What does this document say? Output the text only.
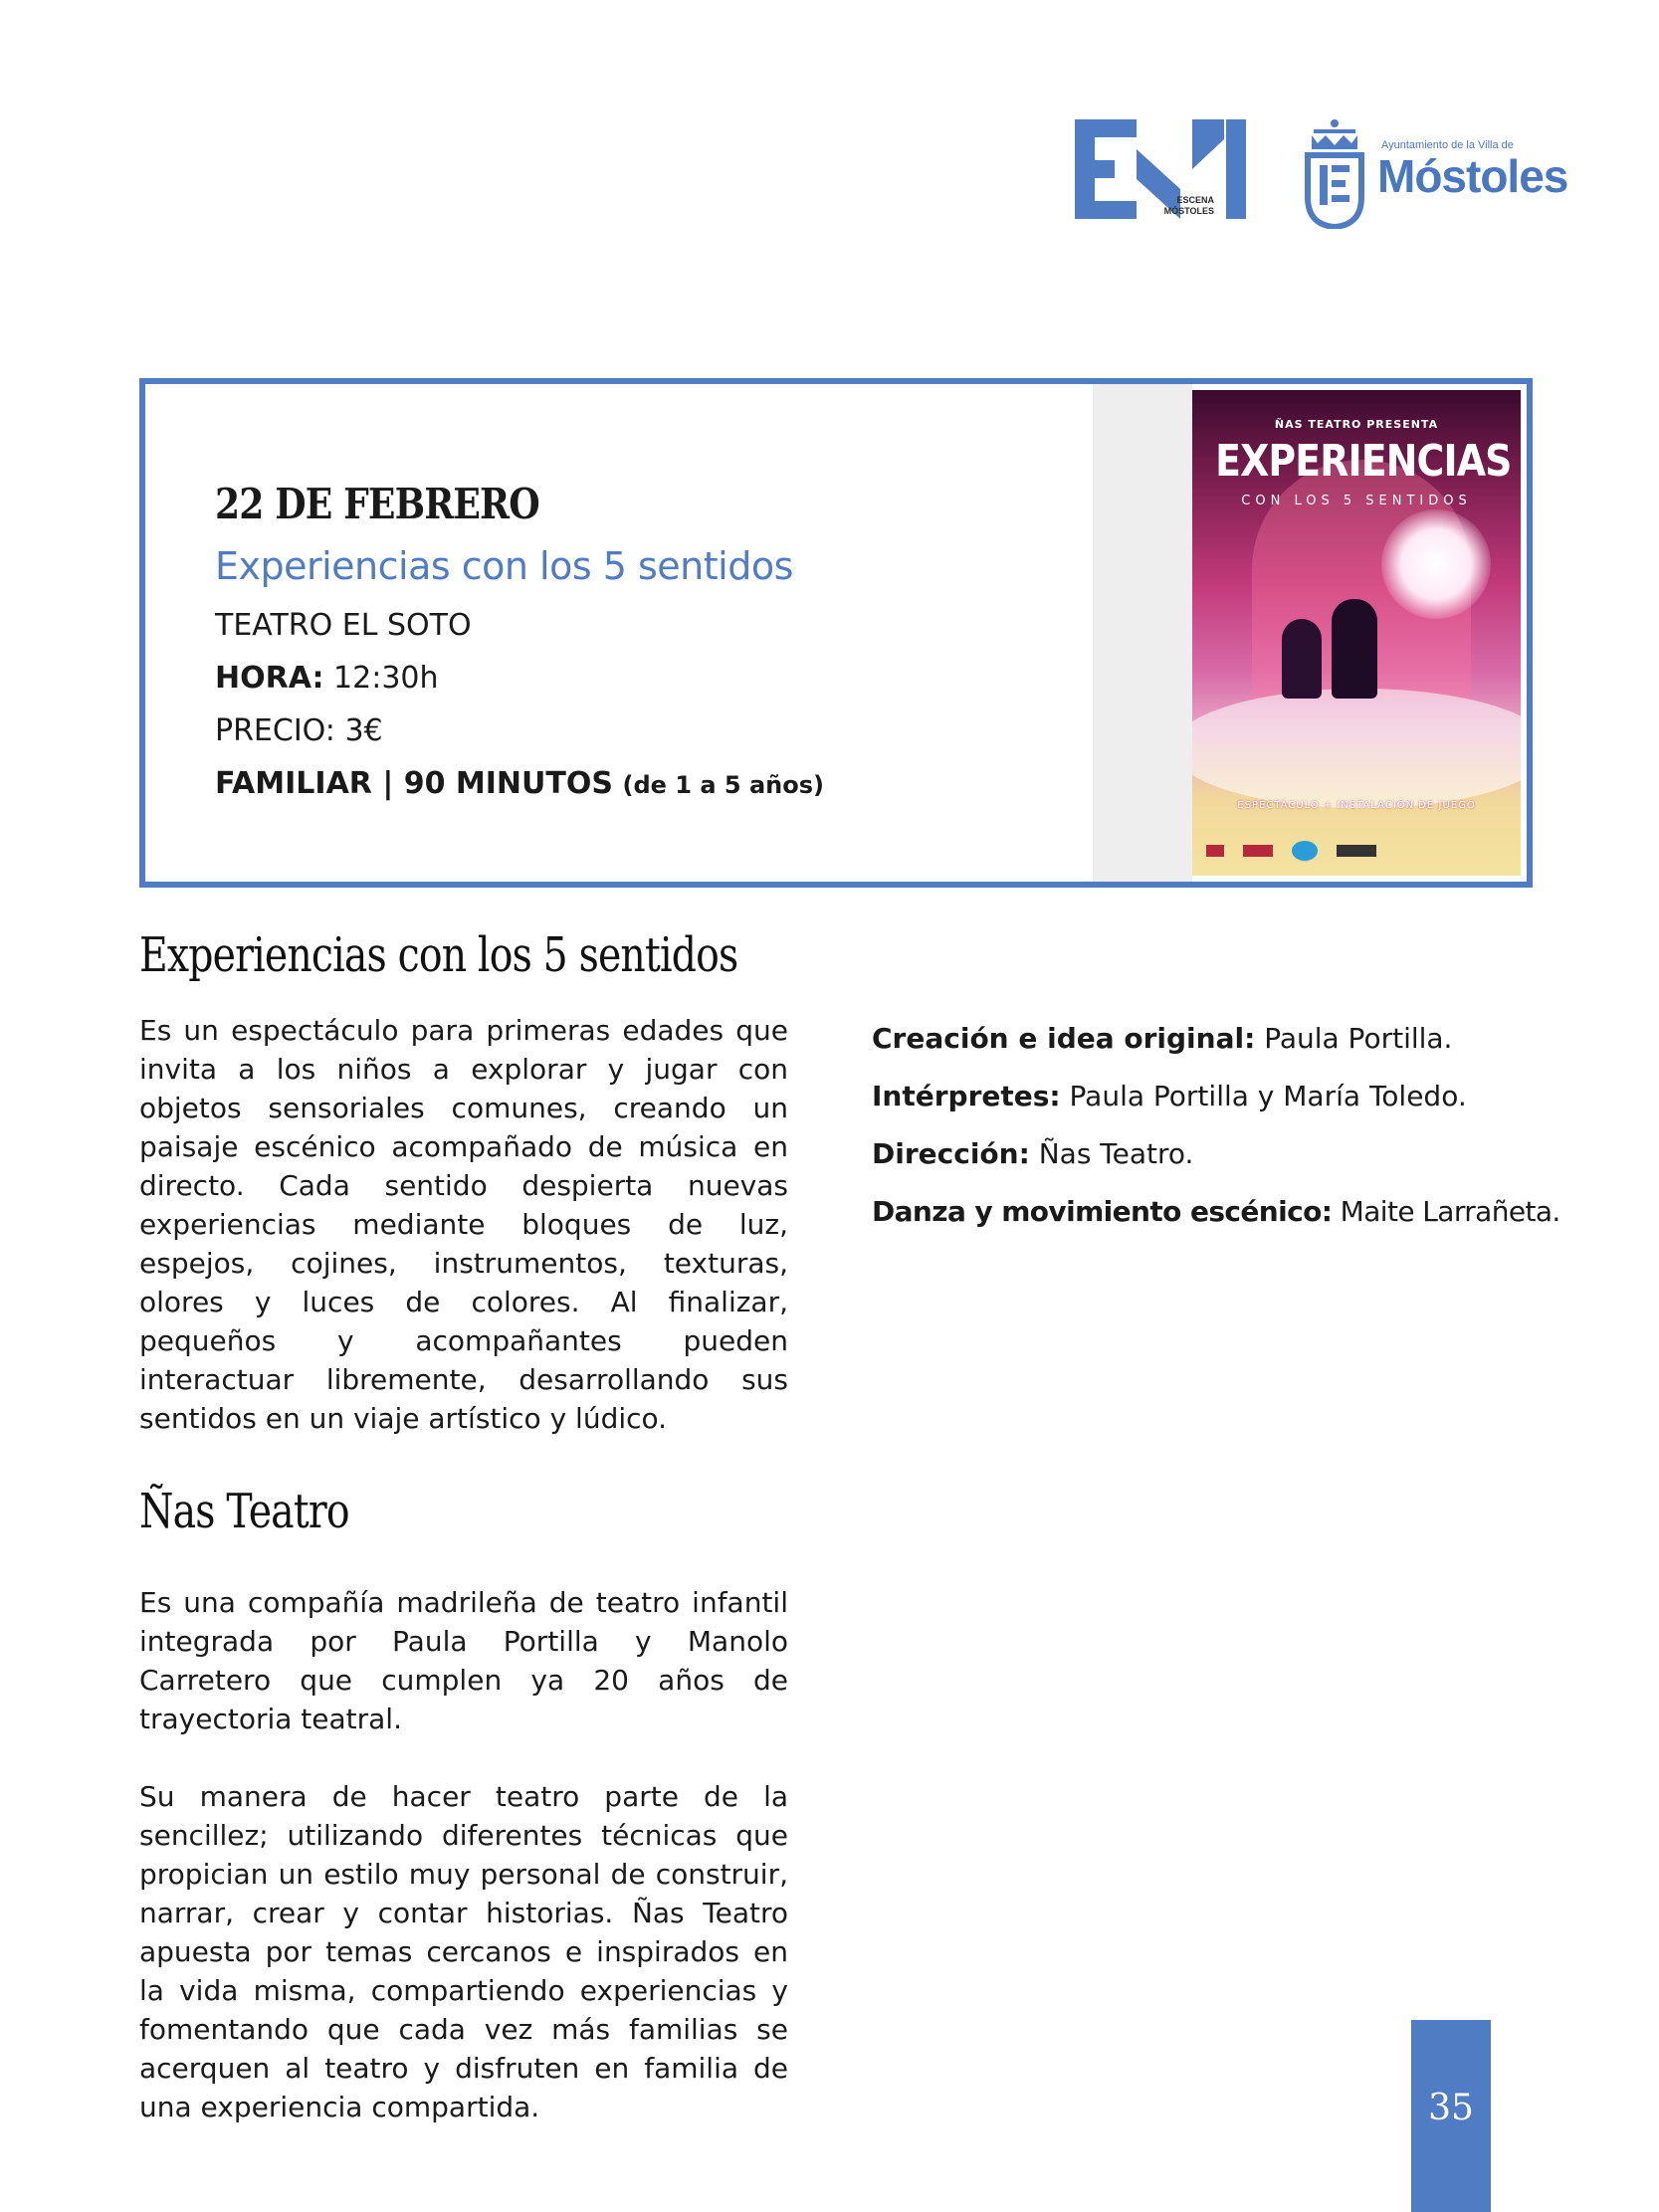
ESCENA
MÓSTOLES
Ayuntamiento de la Villa de
Móstoles
22 DE FEBRERO
Experiencias con los 5 sentidos
TEATRO EL SOTO
HORA: 12:30h
PRECIO: 3€
FAMILIAR | 90 MINUTOS (de 1 a 5 años)
ÑAS TEATRO PRESENTA
EXPERIENCIAS
CON LOS 5 SENTIDOS
ESPECTÁCULO + INSTALACIÓN DE JUEGO

Experiencias con los 5 sentidos

Es un espectáculo para primeras edades que invita a los niños a explorar y jugar con objetos sensoriales comunes, creando un paisaje escénico acompañado de música en directo. Cada sentido despierta nuevas experiencias mediante bloques de luz, espejos, cojines, instrumentos, texturas, olores y luces de colores. Al finalizar, pequeños y acompañantes pueden interactuar libremente, desarrollando sus sentidos en un viaje artístico y lúdico.

Ñas Teatro

Es una compañía madrileña de teatro infantil integrada por Paula Portilla y Manolo Carretero que cumplen ya 20 años de trayectoria teatral.

Su manera de hacer teatro parte de la sencillez; utilizando diferentes técnicas que propician un estilo muy personal de construir, narrar, crear y contar historias. Ñas Teatro apuesta por temas cercanos e inspirados en la vida misma, compartiendo experiencias y fomentando que cada vez más familias se acerquen al teatro y disfruten en familia de una experiencia compartida.

Creación e idea original: Paula Portilla.
Intérpretes: Paula Portilla y María Toledo.
Dirección: Ñas Teatro.
Danza y movimiento escénico: Maite Larrañeta.
35
